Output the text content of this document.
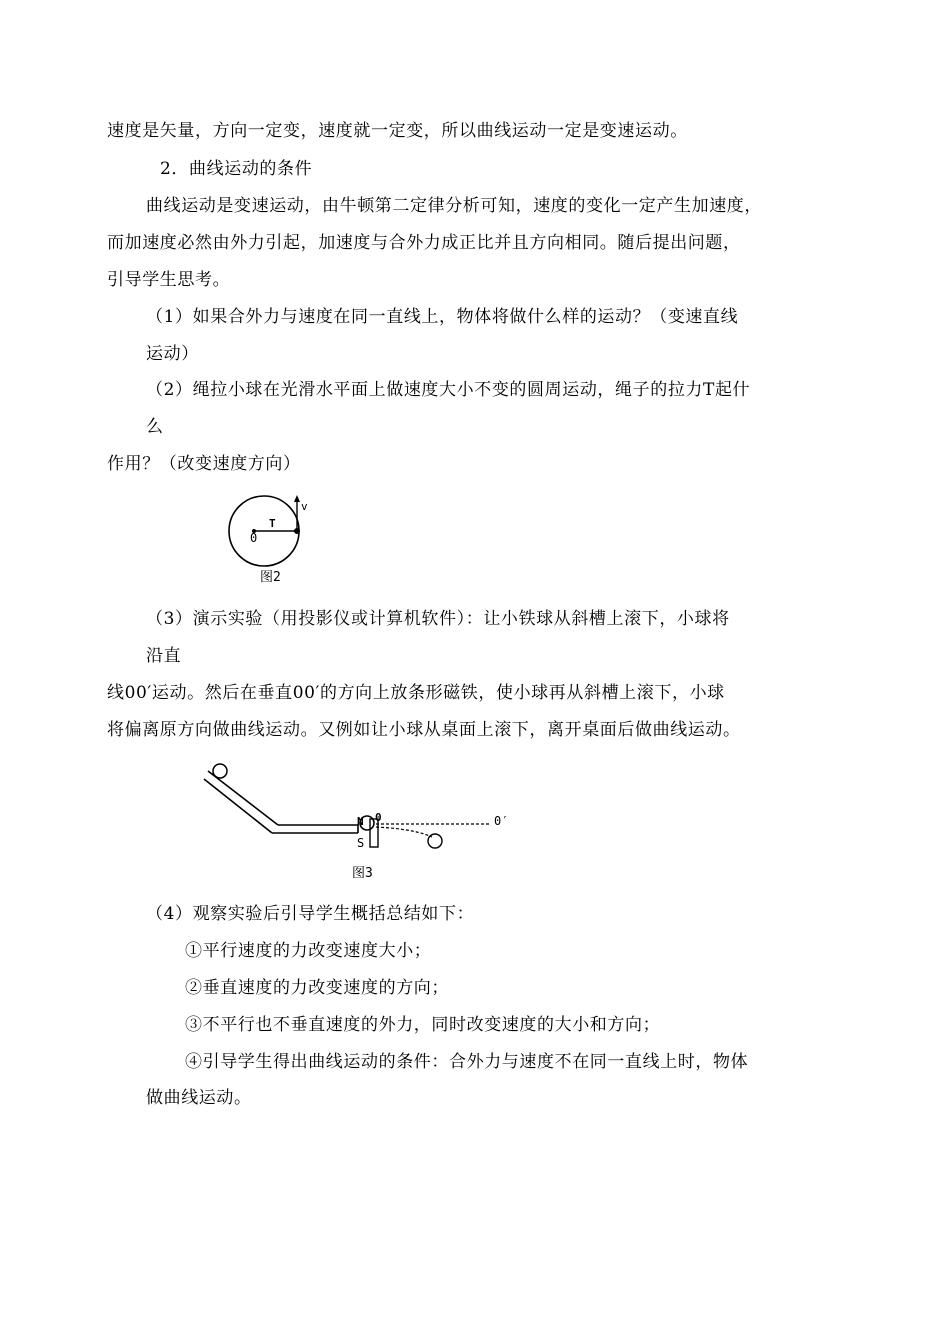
速度是矢量，方向一定变，速度就一定变，所以曲线运动一定是变速运动。
2．曲线运动的条件
曲线运动是变速运动，由牛顿第二定律分析可知，速度的变化一定产生加速度，
而加速度必然由外力引起，加速度与合外力成正比并且方向相同。随后提出问题，
引导学生思考。
（1）如果合外力与速度在同一直线上，物体将做什么样的运动？（变速直线
运动）
（2）绳拉小球在光滑水平面上做速度大小不变的圆周运动，绳子的拉力T起什
么
作用？（改变速度方向）
v
T
0
图2
（3）演示实验（用投影仪或计算机软件）：让小铁球从斜槽上滚下，小球将
沿直
线00′运动。然后在垂直00′的方向上放条形磁铁，使小球再从斜槽上滚下，小球
将偏离原方向做曲线运动。又例如让小球从桌面上滚下，离开桌面后做曲线运动。
0	0′
N
S
图3
（4）观察实验后引导学生概括总结如下：
①平行速度的力改变速度大小；
②垂直速度的力改变速度的方向；
③不平行也不垂直速度的外力，同时改变速度的大小和方向；
④引导学生得出曲线运动的条件：合外力与速度不在同一直线上时，物体
做曲线运动。
